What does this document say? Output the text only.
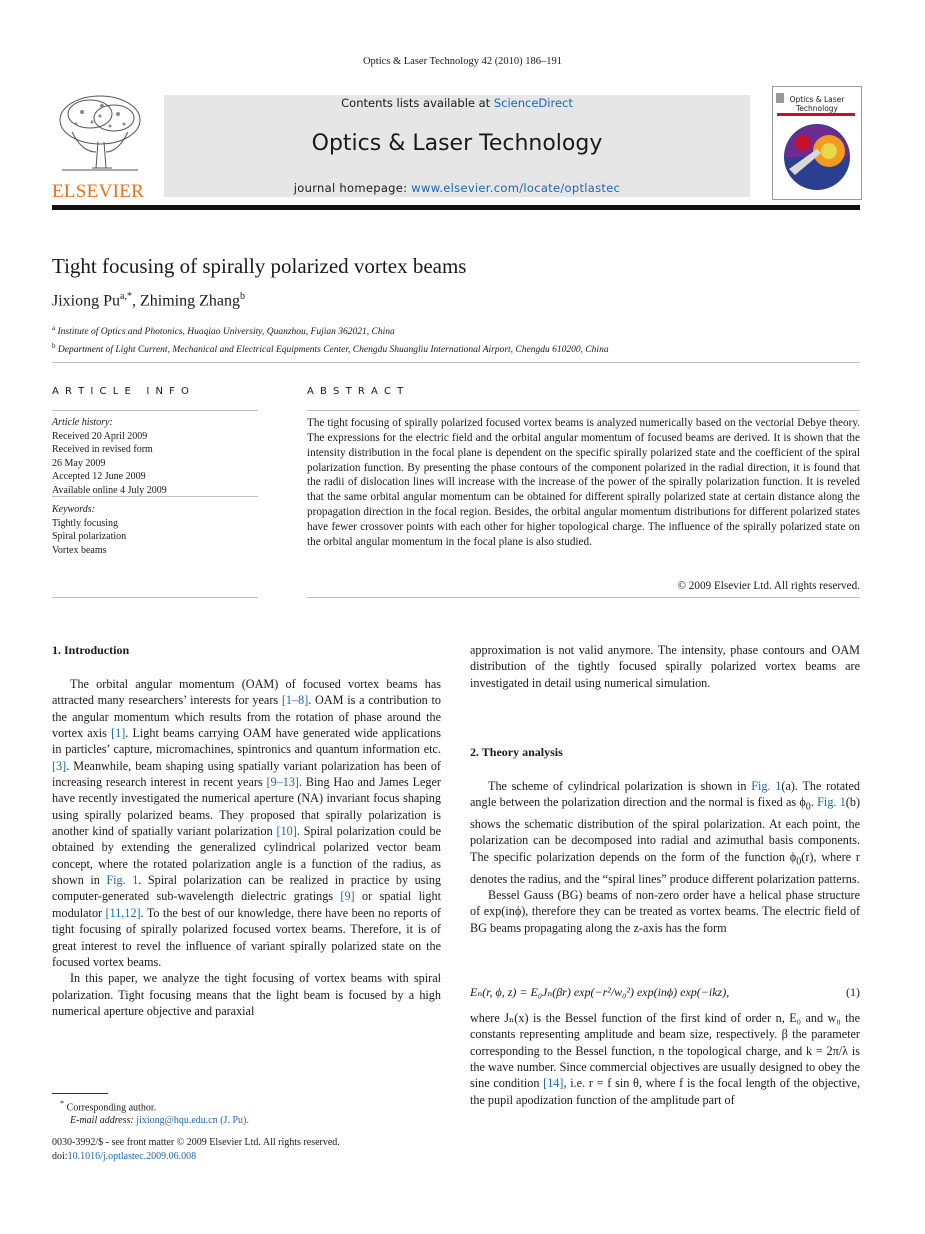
Optics & Laser Technology 42 (2010) 186–191
ELSEVIER
Contents lists available at ScienceDirect
Optics & Laser Technology
journal homepage: www.elsevier.com/locate/optlastec
Optics & Laser
Technology
Tight focusing of spirally polarized vortex beams
Jixiong $Pu^{a,*}$, Zhiming Zhang$^b$
$^a$ Institute of Optics and Photonics, Huaqiao University, Quanzhou, Fujian 362021, China
$^b$ Department of Light Current, Mechanical and Electrical Equipments Center, Chengdu Shuangliu International Airport, Chengdu 610200, China
A R T I C L E   I N F O
Article history:
Received 20 April 2009
Received in revised form
26 May 2009
Accepted 12 June 2009
Available online 4 July 2009
Keywords:
Tightly focusing
Spiral polarization
Vortex beams
A B S T R A C T
The tight focusing of spirally polarized focused vortex beams is analyzed numerically based on the vectorial Debye theory. The expressions for the electric field and the orbital angular momentum of focused beams are derived. It is shown that the intensity distribution in the focal plane is dependent on the specific spirally polarized state and the coefficient of the spiral polarization function. By presenting the phase contours of the component polarized in the radial direction, it is found that the radii of dislocation lines will increase with the increase of the power of the spirally polarization function. It is reveled that the same orbital angular momentum can be obtained for different spirally polarized state at certain distance along the propagation direction in the focal region. Besides, the orbital angular momentum distributions for different polarized states have fewer crossover points with each other for higher topological charge. The influence of the spirally polarized state on the orbital angular momentum in the focal plane is also studied.
© 2009 Elsevier Ltd. All rights reserved.
1. Introduction

The orbital angular momentum (OAM) of focused vortex beams has attracted many researchers’ interests for years [1–8]. OAM is a contribution to the angular momentum which results from the rotation of phase around the vortex axis [1]. Light beams carrying OAM have generated wide applications in particles’ capture, micromachines, spintronics and quantum information etc. [3]. Meanwhile, beam shaping using spatially variant polarization has been of increasing research interest in recent years [9–13]. Bing Hao and James Leger have recently investigated the numerical aperture (NA) invariant focus shaping using spirally polarized beams. They proposed that spirally polarization is another kind of spatially variant polarization [10]. Spiral polarization could be obtained by extending the generalized cylindrical polarized vector beam concept, where the rotated polarization angle is a function of the radius, as shown in Fig. 1. Spiral polarization can be realized in practice by using computer-generated sub-wavelength dielectric gratings [9] or spatial light modulator [11,12]. To the best of our knowledge, there have been no reports of tight focusing of spirally polarized focused vortex beams. Therefore, it is of great interest to revel the influence of variant spirally polarized state on the focused vortex beams.

In this paper, we analyze the tight focusing of vortex beams with spiral polarization. Tight focusing means that the light beam is focused by a high numerical aperture objective and paraxial

* Corresponding author.
E-mail address: jixiong@hqu.edu.cn (J. Pu).
0030-3992/$ - see front matter © 2009 Elsevier Ltd. All rights reserved.
doi:10.1016/j.optlastec.2009.06.008

approximation is not valid anymore. The intensity, phase contours and OAM distribution of the tightly focused spirally polarized vortex beams are investigated in detail using numerical simulation.

2. Theory analysis

The scheme of cylindrical polarization is shown in Fig. 1(a). The rotated angle between the polarization direction and the normal is fixed as $\phi_0$. Fig. 1(b) shows the schematic distribution of the spiral polarization. At each point, the polarization can be decomposed into radial and azimuthal basis components. The specific polarization depends on the form of the function $\phi_0(r)$, where r denotes the radius, and the “spiral lines” produce different polarization patterns.

Bessel Gauss (BG) beams of non-zero order have a helical phase structure of exp(inϕ), therefore they can be treated as vortex beams. The electric field of BG beams propagating along the z-axis has the form

Eₙ(r, ϕ, z) = E₀Jₙ(βr) exp(−r²/w₀²) exp(inϕ) exp(−ikz),	(1)

where Jₙ(x) is the Bessel function of the first kind of order n, E₀ and w₀ the constants representing amplitude and beam size, respectively. β the parameter corresponding to the Bessel function, n the topological charge, and k = 2π/λ is the wave number. Since commercial objectives are usually designed to obey the sine condition [14], i.e. r = f sin θ, where f is the focal length of the objective, the pupil apodization function of the amplitude part of
